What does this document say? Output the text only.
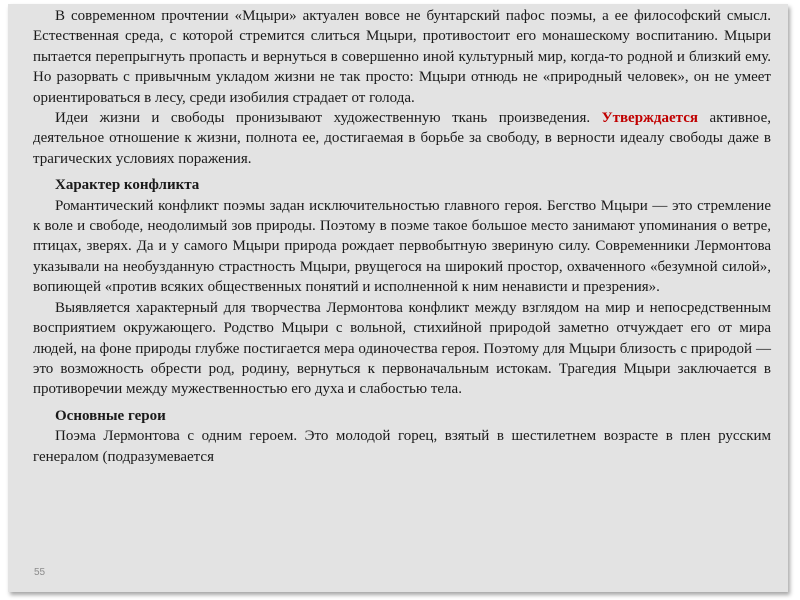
В современном прочтении «Мцыри» актуален вовсе не бунтарский пафос поэмы, а ее философский смысл. Естественная среда, с которой стремится слиться Мцыри, противостоит его монашескому воспитанию. Мцыри пытается перепрыгнуть пропасть и вернуться в совершенно иной культурный мир, когда-то родной и близкий ему. Но разорвать с привычным укладом жизни не так просто: Мцыри отнюдь не «природный человек», он не умеет ориентироваться в лесу, среди изобилия страдает от голода.

Идеи жизни и свободы пронизывают художественную ткань произведения. Утверждается активное, деятельное отношение к жизни, полнота ее, достигаемая в борьбе за свободу, в верности идеалу свободы даже в трагических условиях поражения.

Характер конфликта

Романтический конфликт поэмы задан исключительностью главного героя. Бегство Мцыри — это стремление к воле и свободе, неодолимый зов природы. Поэтому в поэме такое большое место занимают упоминания о ветре, птицах, зверях. Да и у самого Мцыри природа рождает первобытную звериную силу. Современники Лермонтова указывали на необузданную страстность Мцыри, рвущегося на широкий простор, охваченного «безумной силой», вопиющей «против всяких общественных понятий и исполненной к ним ненависти и презрения».

Выявляется характерный для творчества Лермонтова конфликт между взглядом на мир и непосредственным восприятием окружающего. Родство Мцыри с вольной, стихийной природой заметно отчуждает его от мира людей, на фоне природы глубже постигается мера одиночества героя. Поэтому для Мцыри близость с природой — это возможность обрести род, родину, вернуться к первоначальным истокам. Трагедия Мцыри заключается в противоречии между мужественностью его духа и слабостью тела.

Основные герои

Поэма Лермонтова с одним героем. Это молодой горец, взятый в шестилетнем возрасте в плен русским генералом (подразумевается

55
